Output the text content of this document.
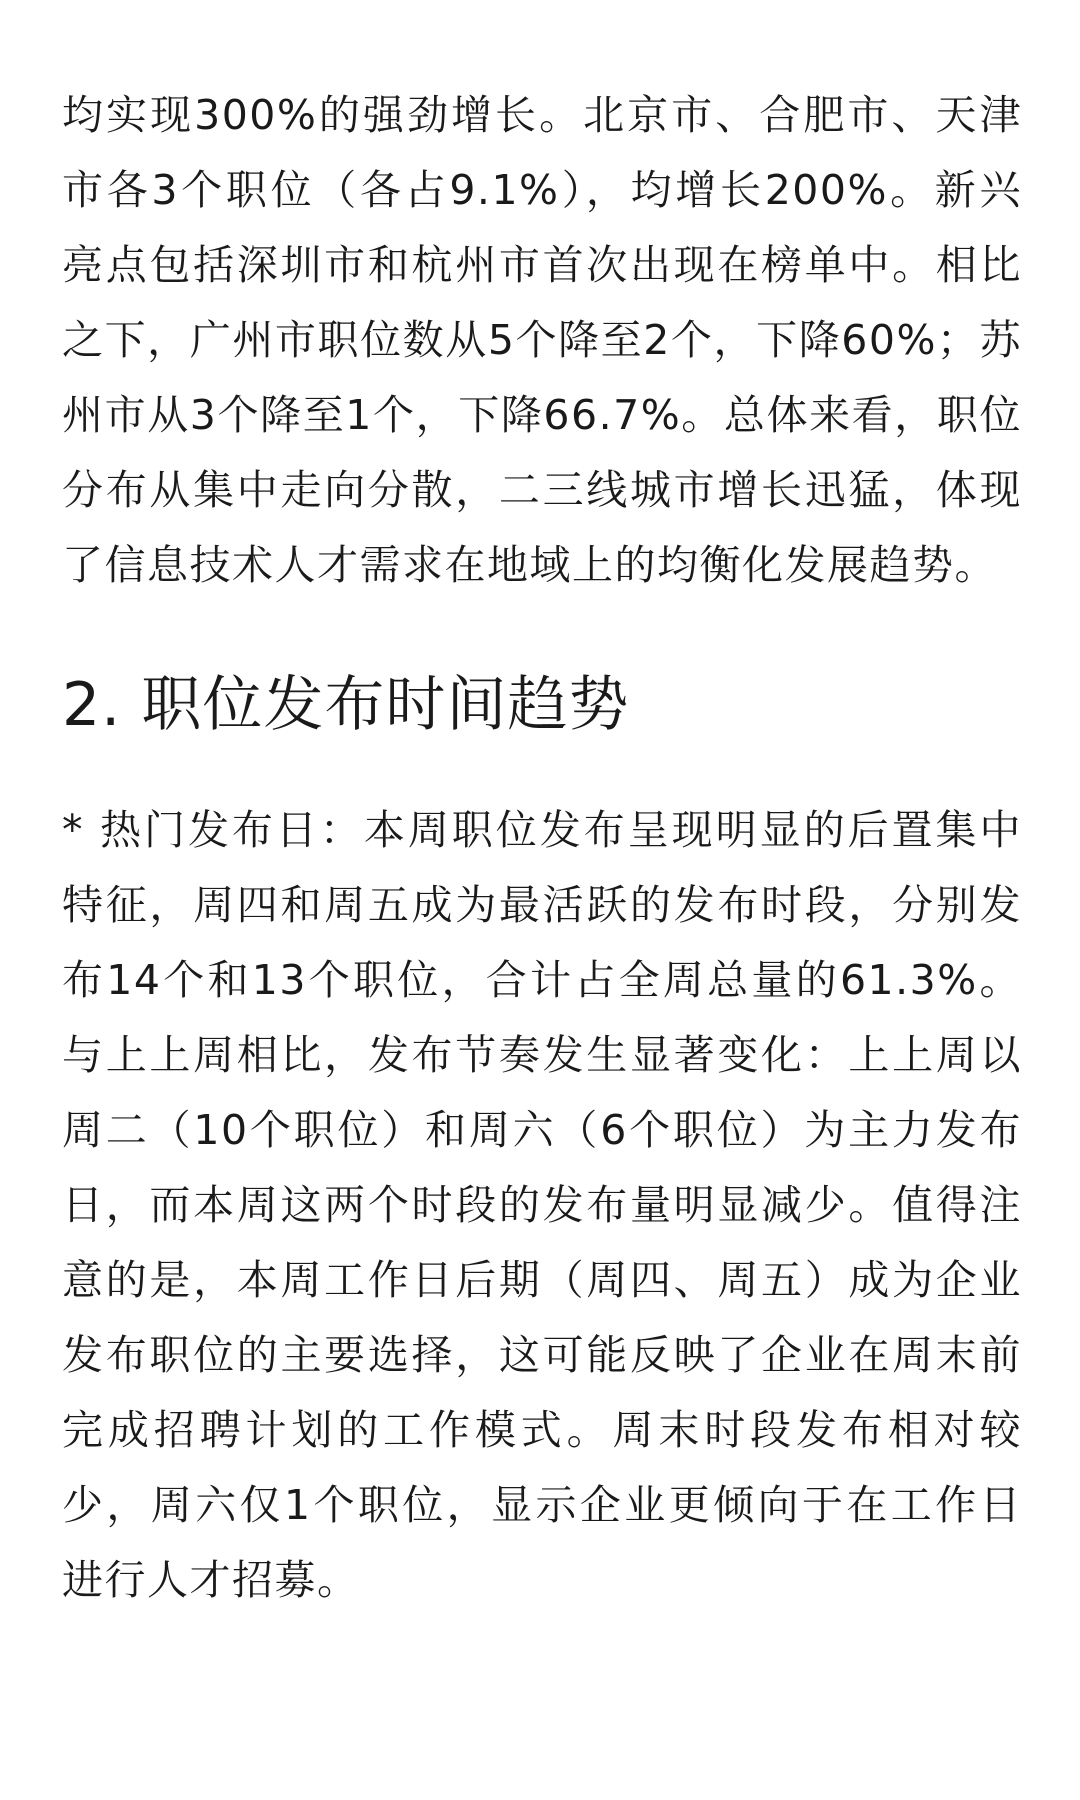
均实现300%的强劲增长。北京市、合肥市、天津市各3个职位（各占9.1%），均增长200%。新兴亮点包括深圳市和杭州市首次出现在榜单中。相比之下，广州市职位数从5个降至2个，下降60%；苏州市从3个降至1个，下降66.7%。总体来看，职位分布从集中走向分散，二三线城市增长迅猛，体现了信息技术人才需求在地域上的均衡化发展趋势。

2. 职位发布时间趋势

* 热门发布日：本周职位发布呈现明显的后置集中特征，周四和周五成为最活跃的发布时段，分别发布14个和13个职位，合计占全周总量的61.3%。与上上周相比，发布节奏发生显著变化：上上周以周二（10个职位）和周六（6个职位）为主力发布日，而本周这两个时段的发布量明显减少。值得注意的是，本周工作日后期（周四、周五）成为企业发布职位的主要选择，这可能反映了企业在周末前完成招聘计划的工作模式。周末时段发布相对较少，周六仅1个职位，显示企业更倾向于在工作日进行人才招募。
